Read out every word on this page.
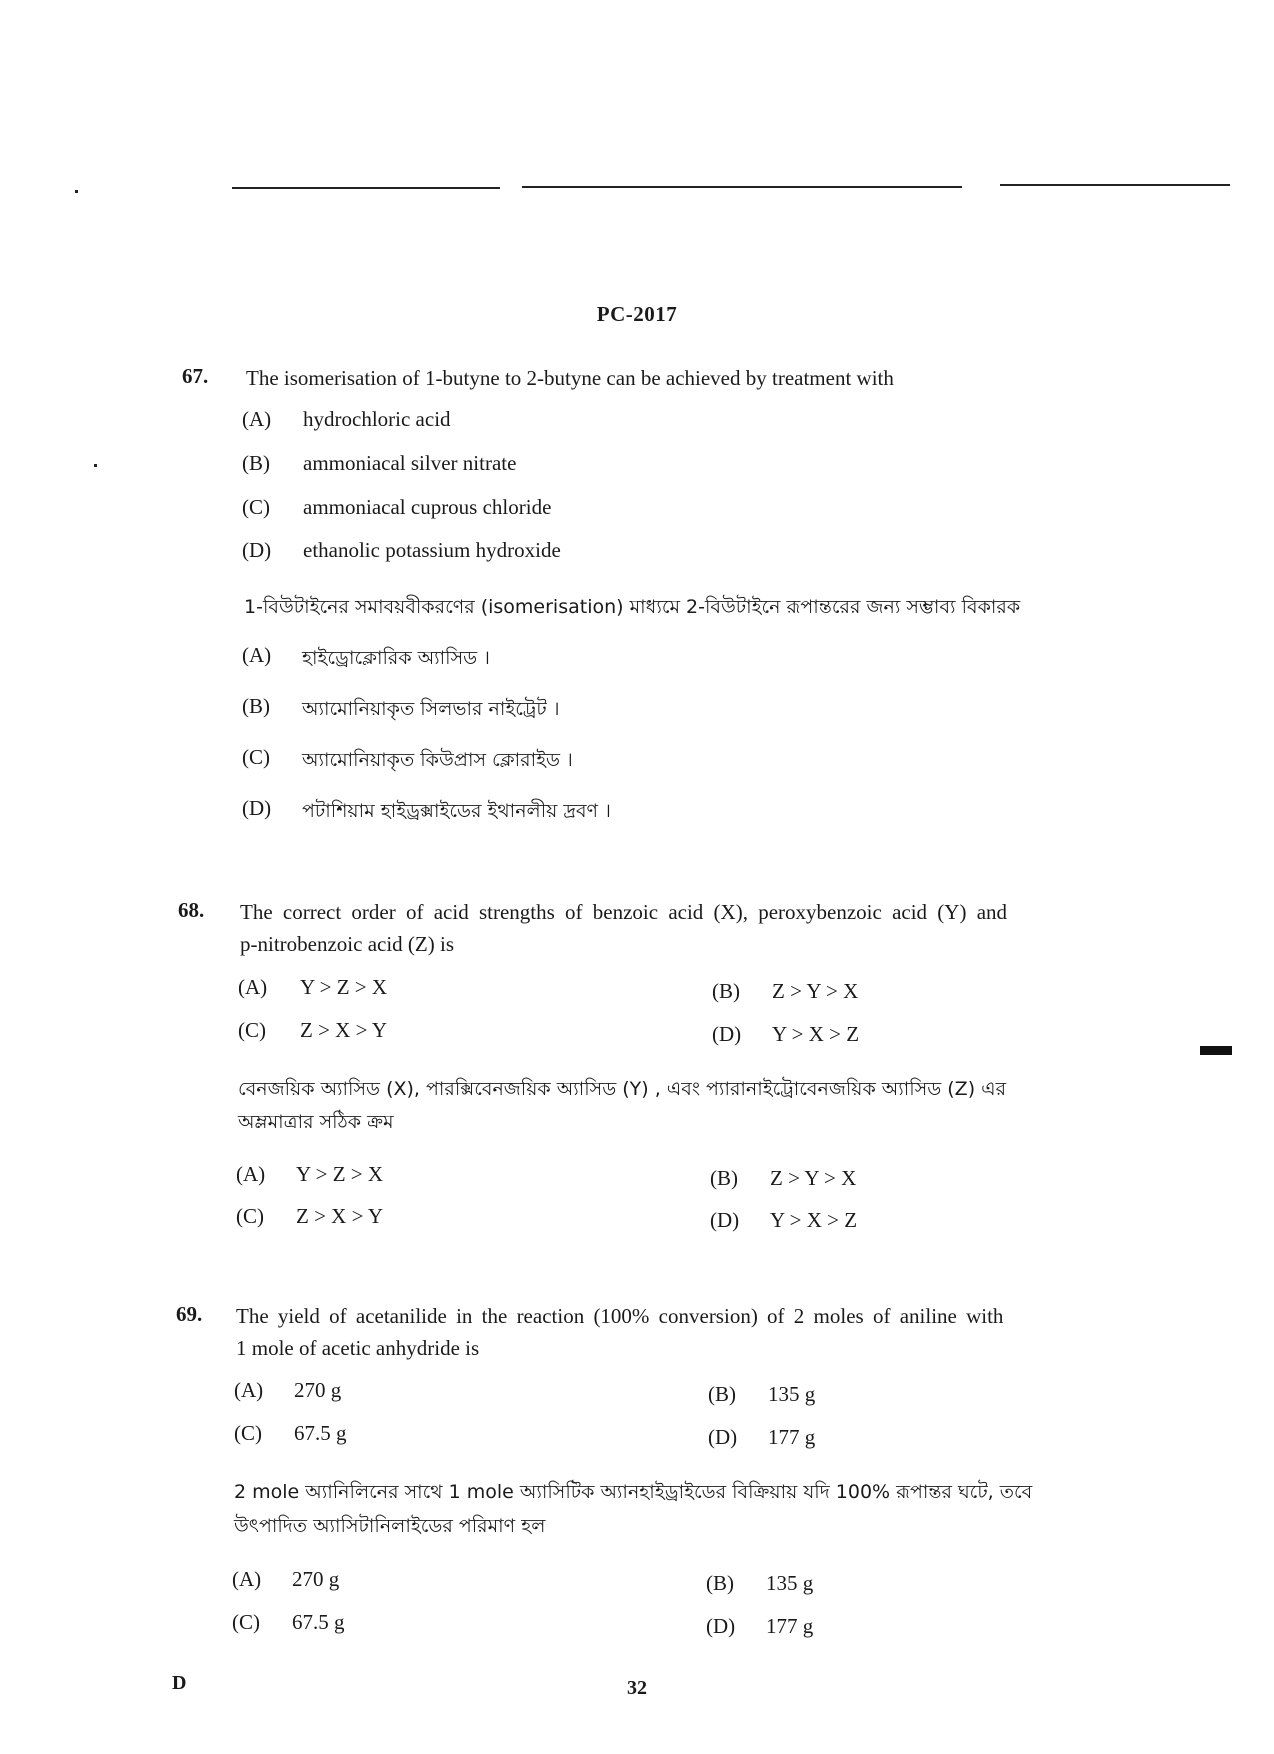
PC-2017
67. The isomerisation of 1-butyne to 2-butyne can be achieved by treatment with
(A) hydrochloric acid
(B) ammoniacal silver nitrate
(C) ammoniacal cuprous chloride
(D) ethanolic potassium hydroxide
1-বিউটাইনের সমাবয়বীকরণের (isomerisation) মাধ্যমে 2-বিউটাইনে রূপান্তরের জন্য সম্ভাব্য বিকারক
(A) হাইড্রোক্লোরিক অ্যাসিড ।
(B) অ্যামোনিয়াকৃত সিলভার নাইট্রেট ।
(C) অ্যামোনিয়াকৃত কিউপ্রাস ক্লোরাইড ।
(D) পটাশিয়াম হাইড্রক্সাইডের ইথানলীয় দ্রবণ ।
68. The correct order of acid strengths of benzoic acid (X), peroxybenzoic acid (Y) and
p-nitrobenzoic acid (Z) is
(A) Y > Z > X	(B) Z > Y > X
(C) Z > X > Y	(D) Y > X > Z
বেনজয়িক অ্যাসিড (X), পারক্সিবেনজয়িক অ্যাসিড (Y) , এবং প্যারানাইট্রোবেনজয়িক অ্যাসিড (Z) এর
অম্লমাত্রার সঠিক ক্রম
(A) Y > Z > X	(B) Z > Y > X
(C) Z > X > Y	(D) Y > X > Z
69. The yield of acetanilide in the reaction (100% conversion) of 2 moles of aniline with
1 mole of acetic anhydride is
(A) 270 g	(B) 135 g
(C) 67.5 g	(D) 177 g
2 mole অ্যানিলিনের সাথে 1 mole অ্যাসিটিক অ্যানহাইড্রাইডের বিক্রিয়ায় যদি 100% রূপান্তর ঘটে, তবে
উৎপাদিত অ্যাসিটানিলাইডের পরিমাণ হল
(A) 270 g	(B) 135 g
(C) 67.5 g	(D) 177 g
D	32
